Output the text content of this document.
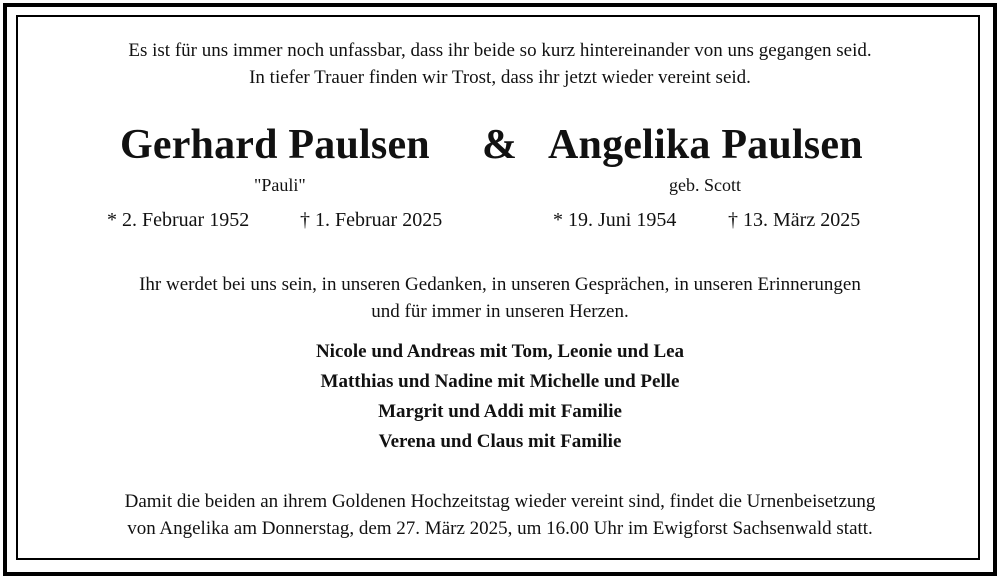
Es ist für uns immer noch unfassbar, dass ihr beide so kurz hintereinander von uns gegangen seid.
In tiefer Trauer finden wir Trost, dass ihr jetzt wieder vereint seid.
Gerhard Paulsen & Angelika Paulsen
"Pauli"	geb. Scott
* 2. Februar 1952	† 1. Februar 2025	* 19. Juni 1954	† 13. März 2025
Ihr werdet bei uns sein, in unseren Gedanken, in unseren Gesprächen, in unseren Erinnerungen
und für immer in unseren Herzen.
Nicole und Andreas mit Tom, Leonie und Lea
Matthias und Nadine mit Michelle und Pelle
Margrit und Addi mit Familie
Verena und Claus mit Familie
Damit die beiden an ihrem Goldenen Hochzeitstag wieder vereint sind, findet die Urnenbeisetzung
von Angelika am Donnerstag, dem 27. März 2025, um 16.00 Uhr im Ewigforst Sachsenwald statt.
